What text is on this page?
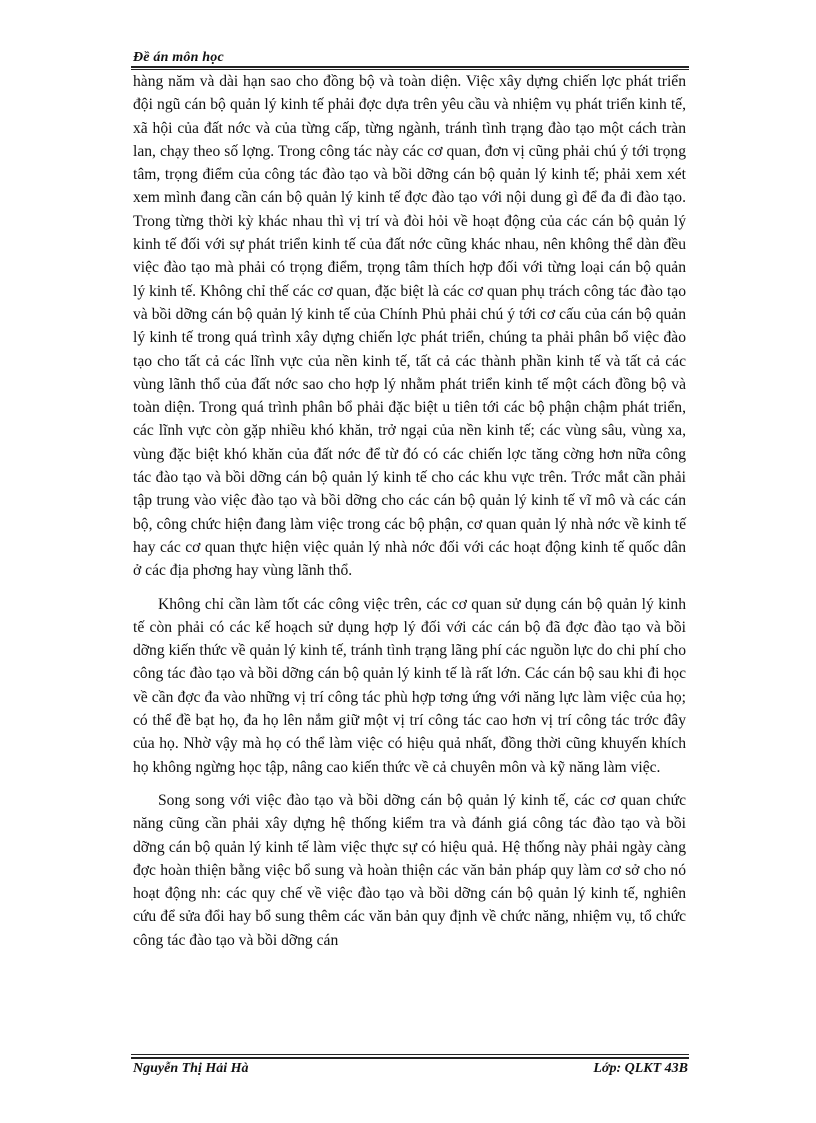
Đề án môn học

hàng năm và dài hạn sao cho đồng bộ và toàn diện. Việc xây dựng chiến lợc phát triển đội ngũ cán bộ quản lý kinh tế phải đợc dựa trên yêu cầu và nhiệm vụ phát triển kinh tế, xã hội của đất nớc và của từng cấp, từng ngành, tránh tình trạng đào tạo một cách tràn lan, chạy theo số lợng. Trong công tác này các cơ quan, đơn vị cũng phải chú ý tới trọng tâm, trọng điểm của công tác đào tạo và bồi dỡng cán bộ quản lý kinh tế; phải xem xét xem mình đang cần cán bộ quản lý kinh tế đợc đào tạo với nội dung gì để đa đi đào tạo. Trong từng thời kỳ khác nhau thì vị trí và đòi hỏi về hoạt động của các cán bộ quản lý kinh tế đối với sự phát triển kinh tế của đất nớc cũng khác nhau, nên không thể dàn đều việc đào tạo mà phải có trọng điểm, trọng tâm thích hợp đối với từng loại cán bộ quản lý kinh tế. Không chỉ thế các cơ quan, đặc biệt là các cơ quan phụ trách công tác đào tạo và bồi dỡng cán bộ quản lý kinh tế của Chính Phủ phải chú ý tới cơ cấu của cán bộ quản lý kinh tế trong quá trình xây dựng chiến lợc phát triển, chúng ta phải phân bổ việc đào tạo cho tất cả các lĩnh vực của nền kinh tế, tất cả các thành phần kinh tế và tất cả các vùng lãnh thổ của đất nớc sao cho hợp lý nhằm phát triển kinh tế một cách đồng bộ và toàn diện. Trong quá trình phân bổ phải đặc biệt u tiên tới các bộ phận chậm phát triển, các lĩnh vực còn gặp nhiều khó khăn, trở ngại của nền kinh tế; các vùng sâu, vùng xa, vùng đặc biệt khó khăn của đất nớc để từ đó có các chiến lợc tăng cờng hơn nữa công tác đào tạo và bồi dỡng cán bộ quản lý kinh tế cho các khu vực trên. Trớc mắt cần phải tập trung vào việc đào tạo và bồi dỡng cho các cán bộ quản lý kinh tế vĩ mô và các cán bộ, công chức hiện đang làm việc trong các bộ phận, cơ quan quản lý nhà nớc về kinh tế hay các cơ quan thực hiện việc quản lý nhà nớc đối với các hoạt động kinh tế quốc dân ở các địa phơng hay vùng lãnh thổ.

Không chỉ cần làm tốt các công việc trên, các cơ quan sử dụng cán bộ quản lý kinh tế còn phải có các kế hoạch sử dụng hợp lý đối với các cán bộ đã đợc đào tạo và bồi dỡng kiến thức về quản lý kinh tế, tránh tình trạng lãng phí các nguồn lực do chi phí cho công tác đào tạo và bồi dỡng cán bộ quản lý kinh tế là rất lớn. Các cán bộ sau khi đi học về cần đợc đa vào những vị trí công tác phù hợp tơng ứng với năng lực làm việc của họ; có thể đề bạt họ, đa họ lên nắm giữ một vị trí công tác cao hơn vị trí công tác trớc đây của họ. Nhờ vậy mà họ có thể làm việc có hiệu quả nhất, đồng thời cũng khuyến khích họ không ngừng học tập, nâng cao kiến thức về cả chuyên môn và kỹ năng làm việc.

Song song với việc đào tạo và bồi dỡng cán bộ quản lý kinh tế, các cơ quan chức năng cũng cần phải xây dựng hệ thống kiểm tra và đánh giá công tác đào tạo và bồi dỡng cán bộ quản lý kinh tế làm việc thực sự có hiệu quả. Hệ thống này phải ngày càng đợc hoàn thiện bằng việc bổ sung và hoàn thiện các văn bản pháp quy làm cơ sở cho nó hoạt động nh: các quy chế về việc đào tạo và bồi dỡng cán bộ quản lý kinh tế, nghiên cứu để sửa đổi hay bổ sung thêm các văn bản quy định về chức năng, nhiệm vụ, tổ chức công tác đào tạo và bồi dỡng cán

Nguyễn Thị Hải Hà	Lớp: QLKT 43B
